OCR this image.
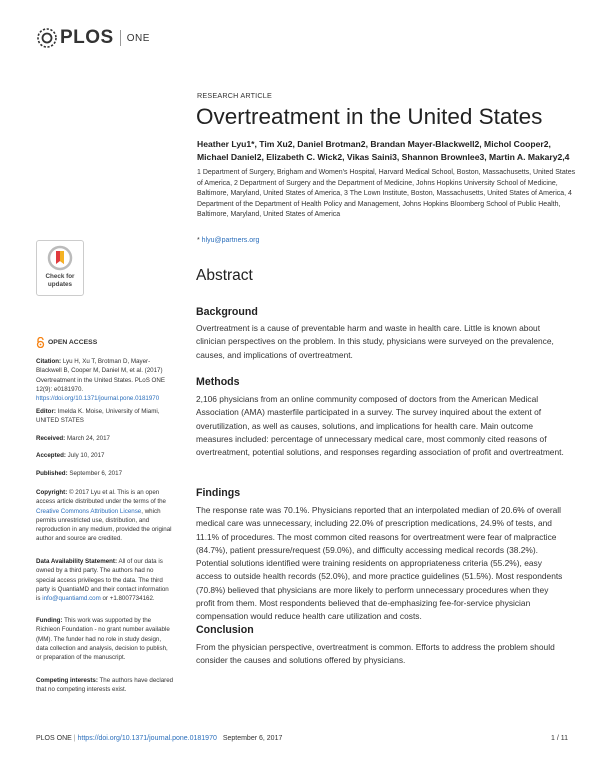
PLOS ONE
RESEARCH ARTICLE
Overtreatment in the United States
Heather Lyu1*, Tim Xu2, Daniel Brotman2, Brandan Mayer-Blackwell2, Michol Cooper2, Michael Daniel2, Elizabeth C. Wick2, Vikas Saini3, Shannon Brownlee3, Martin A. Makary2,4
1 Department of Surgery, Brigham and Women's Hospital, Harvard Medical School, Boston, Massachusetts, United States of America, 2 Department of Surgery and the Department of Medicine, Johns Hopkins University School of Medicine, Baltimore, Maryland, United States of America, 3 The Lown Institute, Boston, Massachusetts, United States of America, 4 Department of the Department of Health Policy and Management, Johns Hopkins Bloomberg School of Public Health, Baltimore, Maryland, United States of America
* hlyu@partners.org
Check for updates
OPEN ACCESS
Citation: Lyu H, Xu T, Brotman D, Mayer-Blackwell B, Cooper M, Daniel M, et al. (2017) Overtreatment in the United States. PLoS ONE 12(9): e0181970. https://doi.org/10.1371/journal.pone.0181970
Editor: Imelda K. Moise, University of Miami, UNITED STATES
Received: March 24, 2017
Accepted: July 10, 2017
Published: September 6, 2017
Copyright: © 2017 Lyu et al. This is an open access article distributed under the terms of the Creative Commons Attribution License, which permits unrestricted use, distribution, and reproduction in any medium, provided the original author and source are credited.
Data Availability Statement: All of our data is owned by a third party. The authors had no special access privileges to the data. The third party is QuantiaMD and their contact information is info@quantiamd.com or +1.8007734162.
Funding: This work was supported by the Richieon Foundation - no grant number available (MM). The funder had no role in study design, data collection and analysis, decision to publish, or preparation of the manuscript.
Competing interests: The authors have declared that no competing interests exist.
Abstract
Background

Overtreatment is a cause of preventable harm and waste in health care. Little is known about clinician perspectives on the problem. In this study, physicians were surveyed on the prevalence, causes, and implications of overtreatment.

Methods

2,106 physicians from an online community composed of doctors from the American Medical Association (AMA) masterfile participated in a survey. The survey inquired about the extent of overutilization, as well as causes, solutions, and implications for health care. Main outcome measures included: percentage of unnecessary medical care, most commonly cited reasons of overtreatment, potential solutions, and responses regarding association of profit and overtreatment.

Findings

The response rate was 70.1%. Physicians reported that an interpolated median of 20.6% of overall medical care was unnecessary, including 22.0% of prescription medications, 24.9% of tests, and 11.1% of procedures. The most common cited reasons for overtreatment were fear of malpractice (84.7%), patient pressure/request (59.0%), and difficulty accessing medical records (38.2%). Potential solutions identified were training residents on appropriateness criteria (55.2%), easy access to outside health records (52.0%), and more practice guidelines (51.5%). Most respondents (70.8%) believed that physicians are more likely to perform unnecessary procedures when they profit from them. Most respondents believed that de-emphasizing fee-for-service physician compensation would reduce health care utilization and costs.

Conclusion

From the physician perspective, overtreatment is common. Efforts to address the problem should consider the causes and solutions offered by physicians.

PLOS ONE | https://doi.org/10.1371/journal.pone.0181970 September 6, 2017	1 / 11
